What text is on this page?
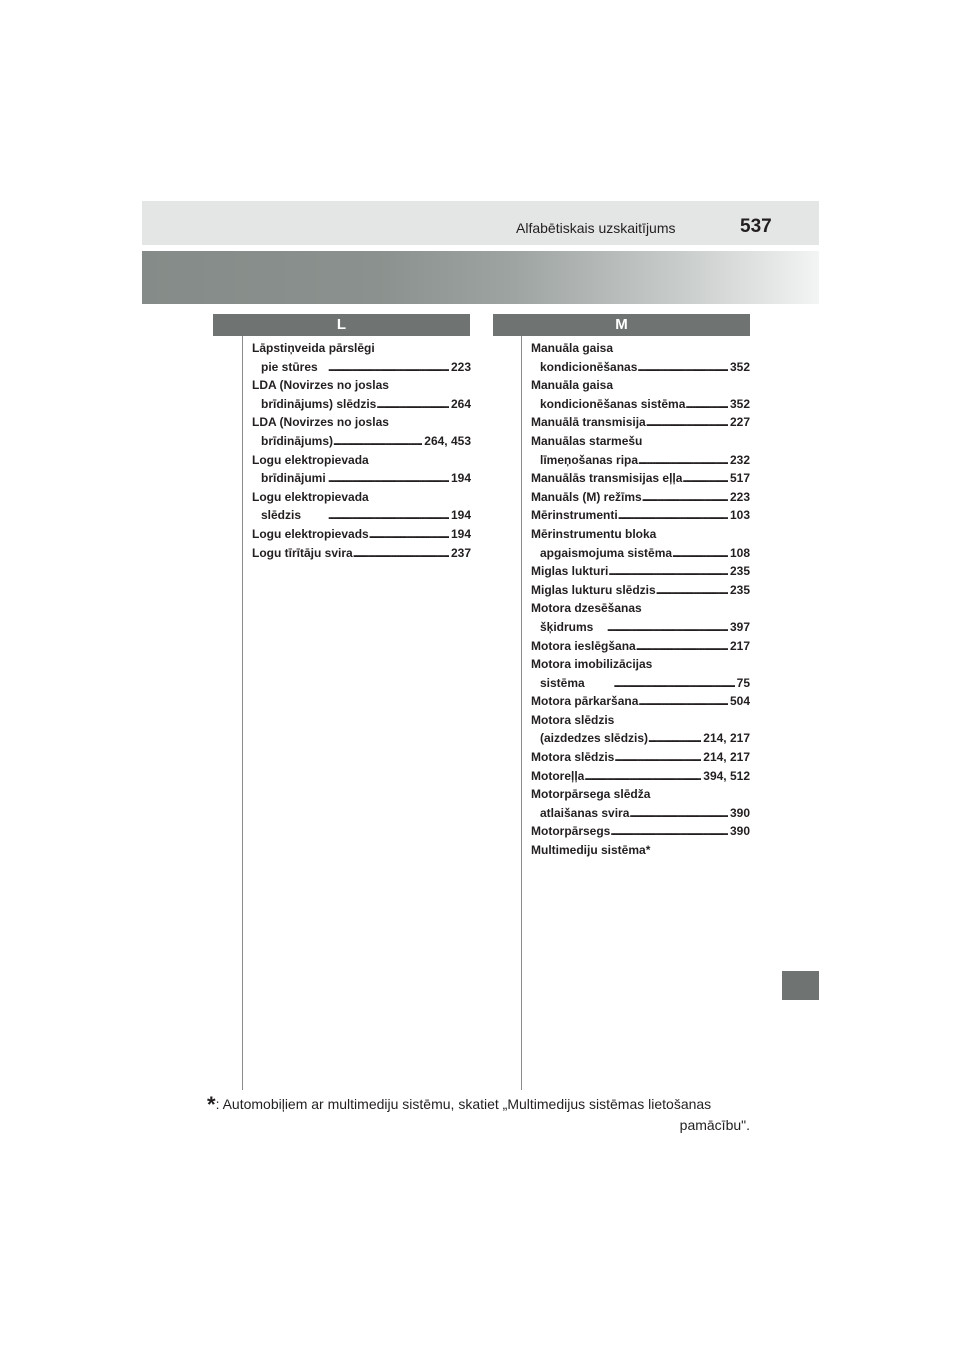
Alfabētiskais uzskaitījums	537
L	M
Lāpstiņveida pārslēgi
pie stūres . . .	223
LDA (Novirzes no joslas
brīdinājums) slēdzis . . .	264
LDA (Novirzes no joslas
brīdinājums) . . .	264, 453
Logu elektropievada
brīdinājumi . . .	194
Logu elektropievada
slēdzis . . .	194
Logu elektropievads . . .	194
Logu tīrītāju svira . . .	237
Manuāla gaisa
kondicionēšanas . . .	352
Manuāla gaisa
kondicionēšanas sistēma . . .	352
Manuālā transmisija . . .	227
Manuālas starmešu
līmeņošanas ripa . . .	232
Manuālās transmisijas eļļa . . .	517
Manuāls (M) režīms . . .	223
Mērinstrumenti . . .	103
Mērinstrumentu bloka
apgaismojuma sistēma . . .	108
Miglas lukturi . . .	235
Miglas lukturu slēdzis . . .	235
Motora dzesēšanas
šķidrums . . .	397
Motora ieslēgšana . . .	217
Motora imobilizācijas
sistēma . . .	75
Motora pārkaršana . . .	504
Motora slēdzis
(aizdedzes slēdzis) . . .	214, 217
Motora slēdzis . . .	214, 217
Motoreļļa . . .	394, 512
Motorpārsega slēdža
atlaišanas svira . . .	390
Motorpārsegs . . .	390
Multimediju sistēma*
*: Automobiļiem ar multimediju sistēmu, skatiet „Multimedijus sistēmas lietošanas
pamācību".
